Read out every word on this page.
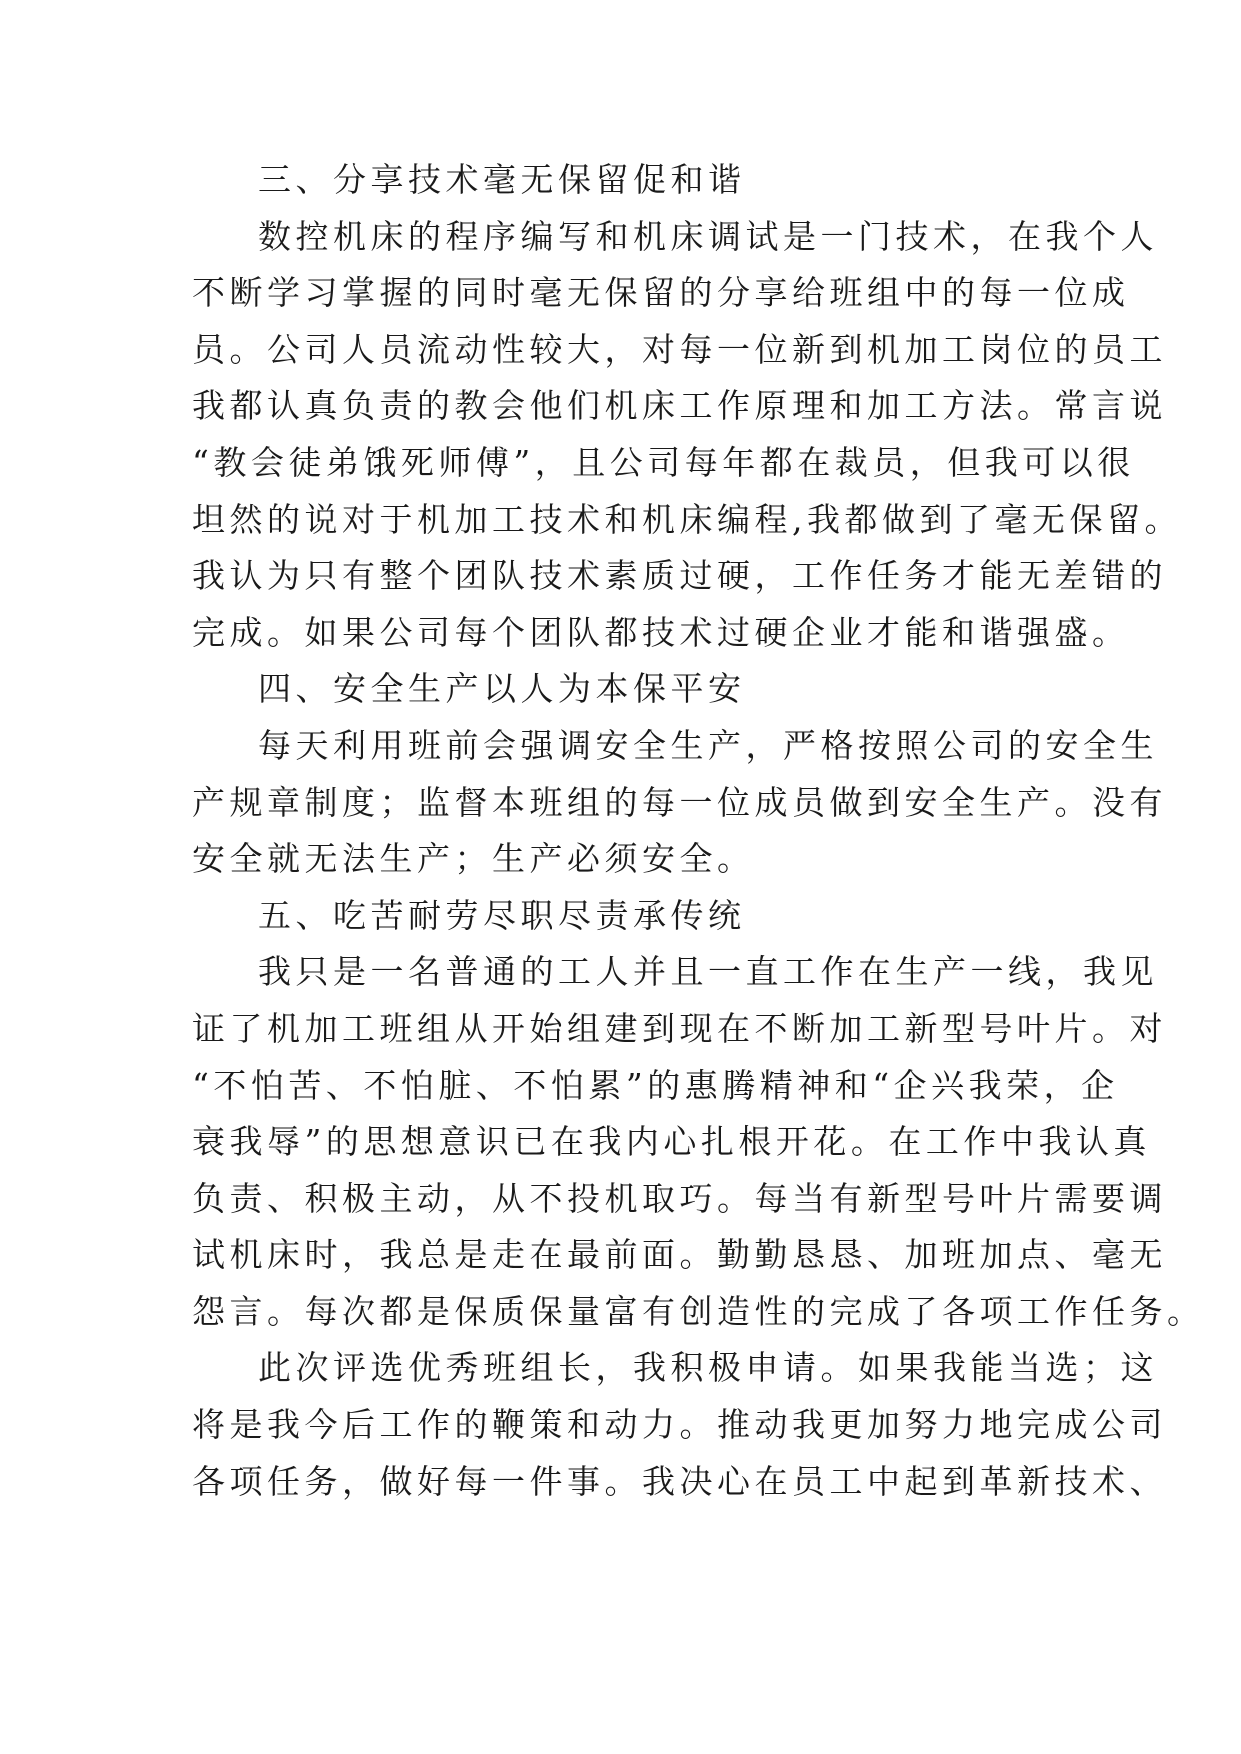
三、分享技术毫无保留促和谐
数控机床的程序编写和机床调试是一门技术，在我个人
不断学习掌握的同时毫无保留的分享给班组中的每一位成
员。公司人员流动性较大，对每一位新到机加工岗位的员工
我都认真负责的教会他们机床工作原理和加工方法。常言说
“教会徒弟饿死师傅”，且公司每年都在裁员，但我可以很
坦然的说对于机加工技术和机床编程,我都做到了毫无保留。
我认为只有整个团队技术素质过硬，工作任务才能无差错的
完成。如果公司每个团队都技术过硬企业才能和谐强盛。
四、安全生产以人为本保平安
每天利用班前会强调安全生产，严格按照公司的安全生
产规章制度；监督本班组的每一位成员做到安全生产。没有
安全就无法生产；生产必须安全。
五、吃苦耐劳尽职尽责承传统
我只是一名普通的工人并且一直工作在生产一线，我见
证了机加工班组从开始组建到现在不断加工新型号叶片。对
“不怕苦、不怕脏、不怕累”的惠腾精神和“企兴我荣，企
衰我辱”的思想意识已在我内心扎根开花。在工作中我认真
负责、积极主动，从不投机取巧。每当有新型号叶片需要调
试机床时，我总是走在最前面。勤勤恳恳、加班加点、毫无
怨言。每次都是保质保量富有创造性的完成了各项工作任务。
此次评选优秀班组长，我积极申请。如果我能当选；这
将是我今后工作的鞭策和动力。推动我更加努力地完成公司
各项任务，做好每一件事。我决心在员工中起到革新技术、
